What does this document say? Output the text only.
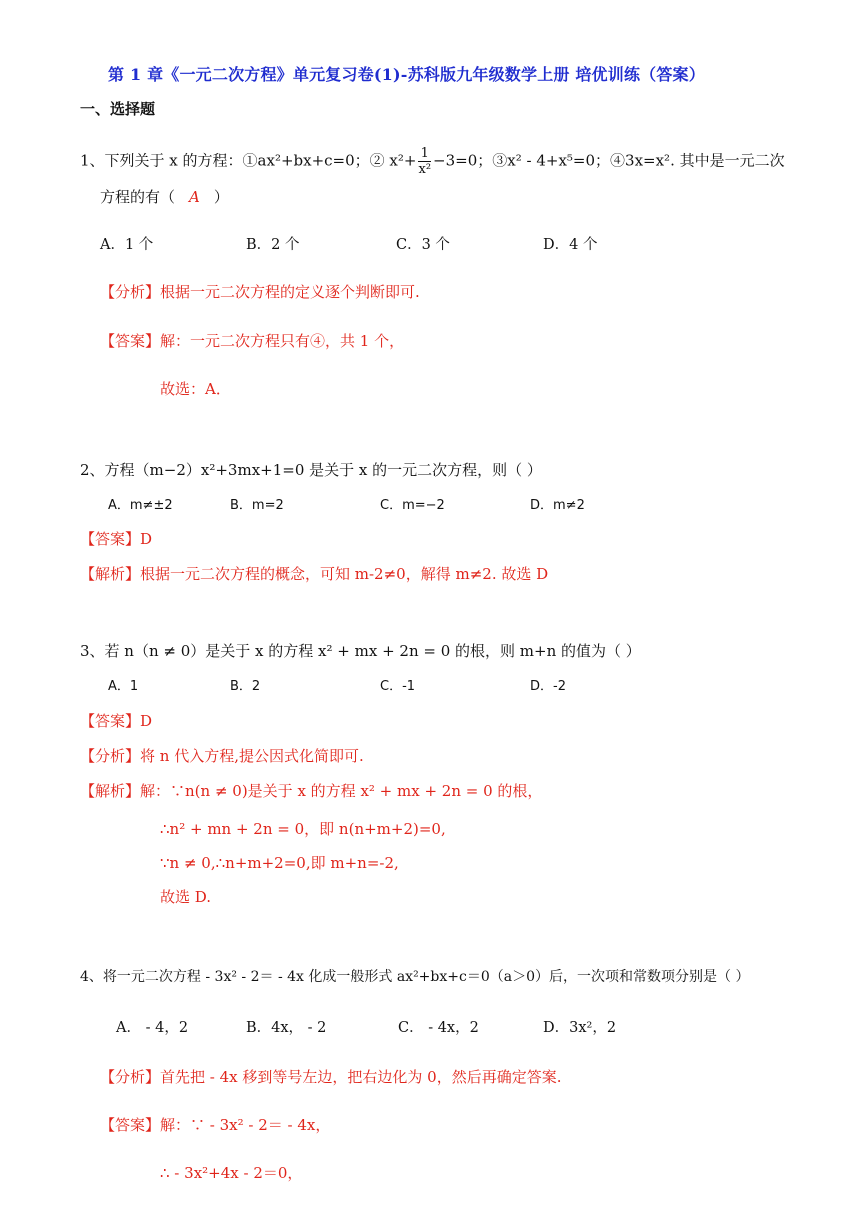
第 1 章《一元二次方程》单元复习卷(1)-苏科版九年级数学上册 培优训练（答案）
一、选择题
1、下列关于 x 的方程：①ax²+bx+c=0；② $x^2+ \frac{1}{\text{x²}} -3=0$；③x² - 4+x⁵=0；④3x=x². 其中是一元二次
方程的有（ A ）
A．1 个	B．2 个	C．3 个	D．4 个
【分析】根据一元二次方程的定义逐个判断即可.
【答案】解：一元二次方程只有④，共 1 个，
故选：A．
2、方程（m−2）x²+3mx+1=0 是关于 x 的一元二次方程，则（ ）
A．m≠±2	B．m=2	C．m=−2	D．m≠2
【答案】D
【解析】根据一元二次方程的概念，可知 m-2≠0，解得 m≠2. 故选 D
3、若 n（n ≠ 0）是关于 x 的方程 x² + mx + 2n = 0 的根，则 m+n 的值为（ ）
A．1	B．2	C．-1	D．-2
【答案】D
【分析】将 n 代入方程,提公因式化简即可.
【解析】解：∵n(n ≠ 0)是关于 x 的方程 x² + mx + 2n = 0 的根，
∴n² + mn + 2n = 0，即 n(n+m+2)=0,
∵n ≠ 0,∴n+m+2=0,即 m+n=-2,
故选 D.
4、将一元二次方程 - 3x² - 2＝ - 4x 化成一般形式 ax²+bx+c＝0（a＞0）后，一次项和常数项分别是（ ）
A． - 4，2	B．4x， - 2	C． - 4x，2	D．3x²，2
【分析】首先把 - 4x 移到等号左边，把右边化为 0，然后再确定答案.
【答案】解：∵ - 3x² - 2＝ - 4x，
∴ - 3x²+4x - 2＝0，
